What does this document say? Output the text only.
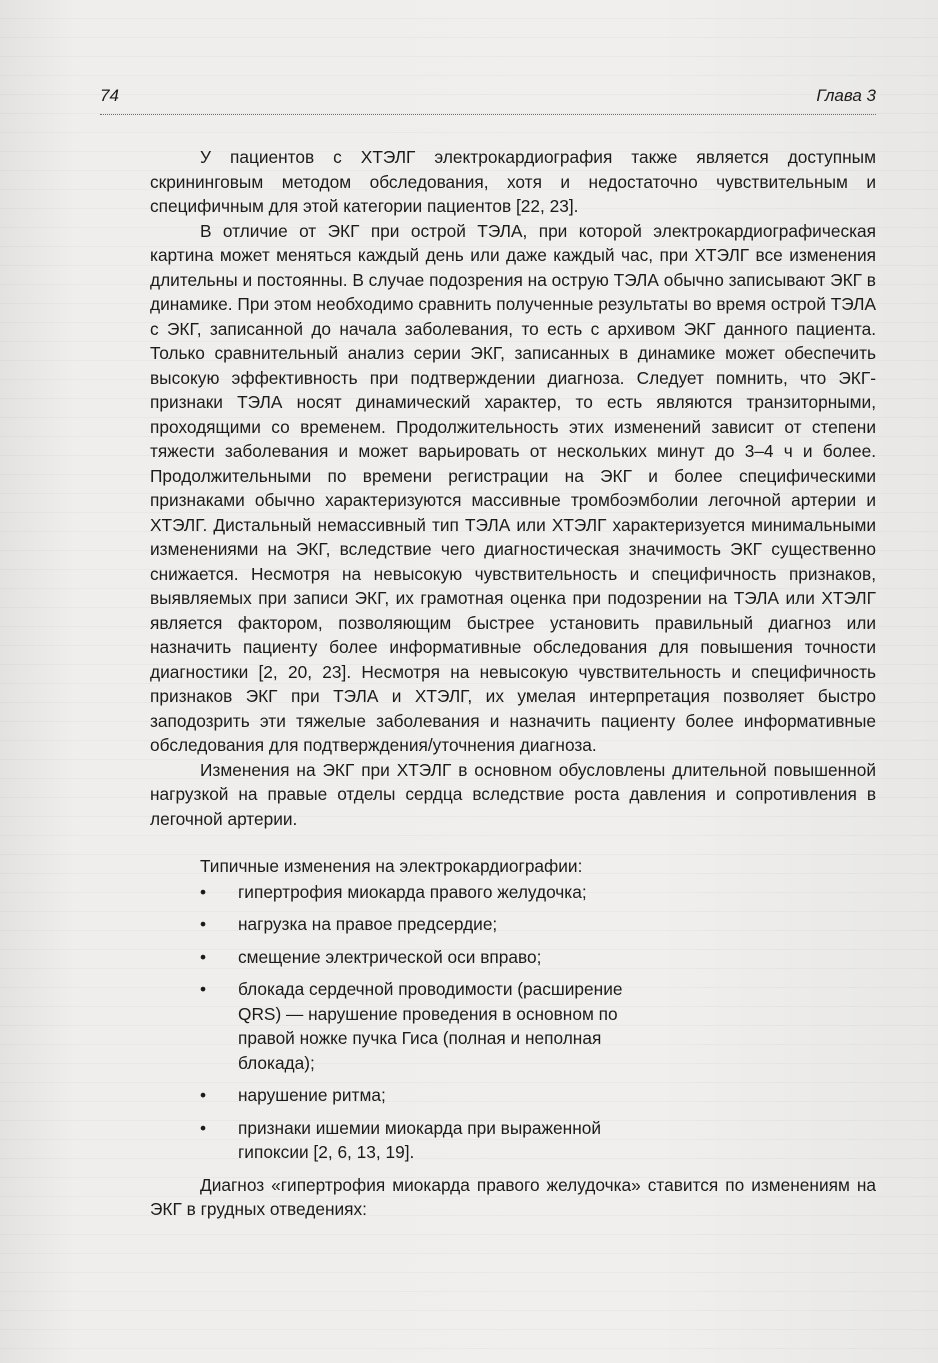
74	Глава 3

У пациентов с ХТЭЛГ электрокардиография также является доступным скрининговым методом обследования, хотя и недостаточно чувствительным и специфичным для этой категории пациентов [22, 23].

В отличие от ЭКГ при острой ТЭЛА, при которой электрокардиографическая картина может меняться каждый день или даже каждый час, при ХТЭЛГ все изменения длительны и постоянны. В случае подозрения на острую ТЭЛА обычно записывают ЭКГ в динамике. При этом необходимо сравнить полученные результаты во время острой ТЭЛА с ЭКГ, записанной до начала заболевания, то есть с архивом ЭКГ данного пациента. Только сравнительный анализ серии ЭКГ, записанных в динамике может обеспечить высокую эффективность при подтверждении диагноза. Следует помнить, что ЭКГ-признаки ТЭЛА носят динамический характер, то есть являются транзиторными, проходящими со временем. Продолжительность этих изменений зависит от степени тяжести заболевания и может варьировать от нескольких минут до 3–4 ч и более. Продолжительными по времени регистрации на ЭКГ и более специфическими признаками обычно характеризуются массивные тромбоэмболии легочной артерии и ХТЭЛГ. Дистальный немассивный тип ТЭЛА или ХТЭЛГ характеризуется минимальными изменениями на ЭКГ, вследствие чего диагностическая значимость ЭКГ существенно снижается. Несмотря на невысокую чувствительность и специфичность признаков, выявляемых при записи ЭКГ, их грамотная оценка при подозрении на ТЭЛА или ХТЭЛГ является фактором, позволяющим быстрее установить правильный диагноз или назначить пациенту более информативные обследования для повышения точности диагностики [2, 20, 23]. Несмотря на невысокую чувствительность и специфичность признаков ЭКГ при ТЭЛА и ХТЭЛГ, их умелая интерпретация позволяет быстро заподозрить эти тяжелые заболевания и назначить пациенту более информативные обследования для подтверждения/уточнения диагноза.

Изменения на ЭКГ при ХТЭЛГ в основном обусловлены длительной повышенной нагрузкой на правые отделы сердца вследствие роста давления и сопротивления в легочной артерии.

Типичные изменения на электрокардиографии:

• гипертрофия миокарда правого желудочка;
• нагрузка на правое предсердие;
• смещение электрической оси вправо;
• блокада сердечной проводимости (расширение QRS) — нарушение проведения в основном по правой ножке пучка Гиса (полная и неполная блокада);
• нарушение ритма;
• признаки ишемии миокарда при выраженной гипоксии [2, 6, 13, 19].

Диагноз «гипертрофия миокарда правого желудочка» ставится по изменениям на ЭКГ в грудных отведениях:
